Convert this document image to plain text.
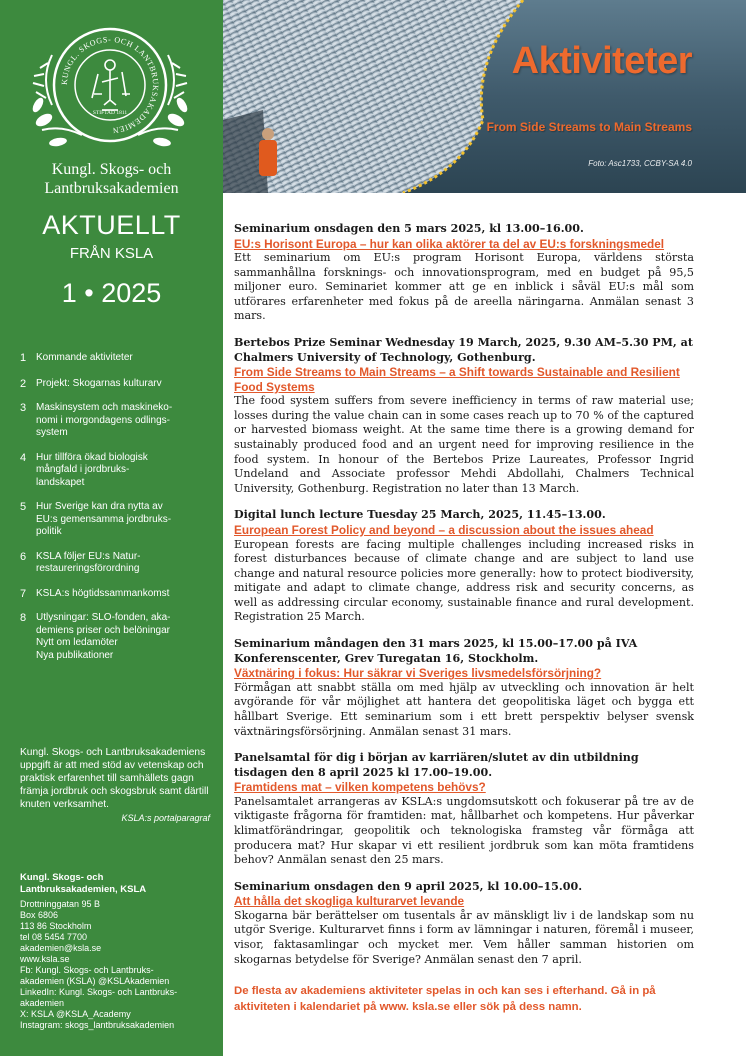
KUNGL. SKOGS- OCH LANTBRUKSAKADEMIEN
STIFTAD 1811
Kungl. Skogs- och
Lantbruksakademien
AKTUELLT
FRÅN KSLA
1 • 2025
1 Kommande aktiviteter
2 Projekt: Skogarnas kulturarv
3 Maskinsystem och maskineko-
nomi i morgondagens odlings-
system
4 Hur tillföra ökad biologisk
mångfald i jordbruks-
landskapet
5 Hur Sverige kan dra nytta av
EU:s gemensamma jordbruks-
politik
6 KSLA följer EU:s Natur-
restaureringsförordning
7 KSLA:s högtidssammankomst
8 Utlysningar: SLO-fonden, aka-
demiens priser och belöningar
Nytt om ledamöter
Nya publikationer
Kungl. Skogs- och Lantbruksakademiens uppgift är att med stöd av vetenskap och praktisk erfarenhet till samhällets gagn främja jordbruk och skogsbruk samt därtill knuten verksamhet.
KSLA:s portalparagraf
Kungl. Skogs- och
Lantbruksakademien, KSLA
Drottninggatan 95 B
Box 6806
113 86 Stockholm
tel 08 5454 7700
akademien@ksla.se
www.ksla.se
Fb: Kungl. Skogs- och Lantbruks-
akademien (KSLA) @KSLAkademien
LinkedIn: Kungl. Skogs- och Lantbruks-
akademien
X: KSLA @KSLA_Academy
Instagram: skogs_lantbruksakademien
Aktiviteter
From Side Streams to Main Streams
Foto: Asc1733, CCBY-SA 4.0
Seminarium onsdagen den 5 mars 2025, kl 13.00–16.00.
EU:s Horisont Europa – hur kan olika aktörer ta del av EU:s forskningsmedel
Ett seminarium om EU:s program Horisont Europa, världens största sammanhållna forsknings- och innovationsprogram, med en budget på 95,5 miljoner euro. Seminariet kommer att ge en inblick i såväl EU:s mål som utförares erfarenheter med fokus på de areella näringarna. Anmälan senast 3 mars.
Bertebos Prize Seminar Wednesday 19 March, 2025, 9.30 AM–5.30 PM, at Chalmers University of Technology, Gothenburg.
From Side Streams to Main Streams – a Shift towards Sustainable and Resilient Food Systems
The food system suffers from severe inefficiency in terms of raw material use; losses during the value chain can in some cases reach up to 70 % of the captured or harvested biomass weight. At the same time there is a growing demand for sustainably produced food and an urgent need for improving resilience in the food system. In honour of the Bertebos Prize Laureates, Professor Ingrid Undeland and Associate professor Mehdi Abdollahi, Chalmers Technical University, Gothenburg. Registration no later than 13 March.
Digital lunch lecture Tuesday 25 March, 2025, 11.45–13.00.
European Forest Policy and beyond – a discussion about the issues ahead
European forests are facing multiple challenges including increased risks in forest disturbances because of climate change and are subject to land use change and natural resource policies more generally: how to protect biodiversity, mitigate and adapt to climate change, address risk and security concerns, as well as addressing circular economy, sustainable finance and rural development. Registration 25 March.
Seminarium måndagen den 31 mars 2025, kl 15.00–17.00 på IVA Konferenscenter, Grev Turegatan 16, Stockholm.
Växtnäring i fokus: Hur säkrar vi Sveriges livsmedelsförsörjning?
Förmågan att snabbt ställa om med hjälp av utveckling och innovation är helt avgörande för vår möjlighet att hantera det geopolitiska läget och bygga ett hållbart Sverige. Ett seminarium som i ett brett perspektiv belyser svensk växtnäringsförsörjning. Anmälan senast 31 mars.
Panelsamtal för dig i början av karriären/slutet av din utbildning tisdagen den 8 april 2025 kl 17.00–19.00.
Framtidens mat – vilken kompetens behövs?
Panelsamtalet arrangeras av KSLA:s ungdomsutskott och fokuserar på tre av de viktigaste frågorna för framtiden: mat, hållbarhet och kompetens. Hur påverkar klimatförändringar, geopolitik och teknologiska framsteg vår förmåga att producera mat? Hur skapar vi ett resilient jordbruk som kan möta framtidens behov? Anmälan senast den 25 mars.
Seminarium onsdagen den 9 april 2025, kl 10.00–15.00.
Att hålla det skogliga kulturarvet levande
Skogarna bär berättelser om tusentals år av mänskligt liv i de landskap som nu utgör Sverige. Kulturarvet finns i form av lämningar i naturen, föremål i museer, visor, faktasamlingar och mycket mer. Vem håller samman historien om skogarnas betydelse för Sverige? Anmälan senast den 7 april.
De flesta av akademiens aktiviteter spelas in och kan ses i efterhand. Gå in på aktiviteten i kalendariet på www. ksla.se eller sök på dess namn.
